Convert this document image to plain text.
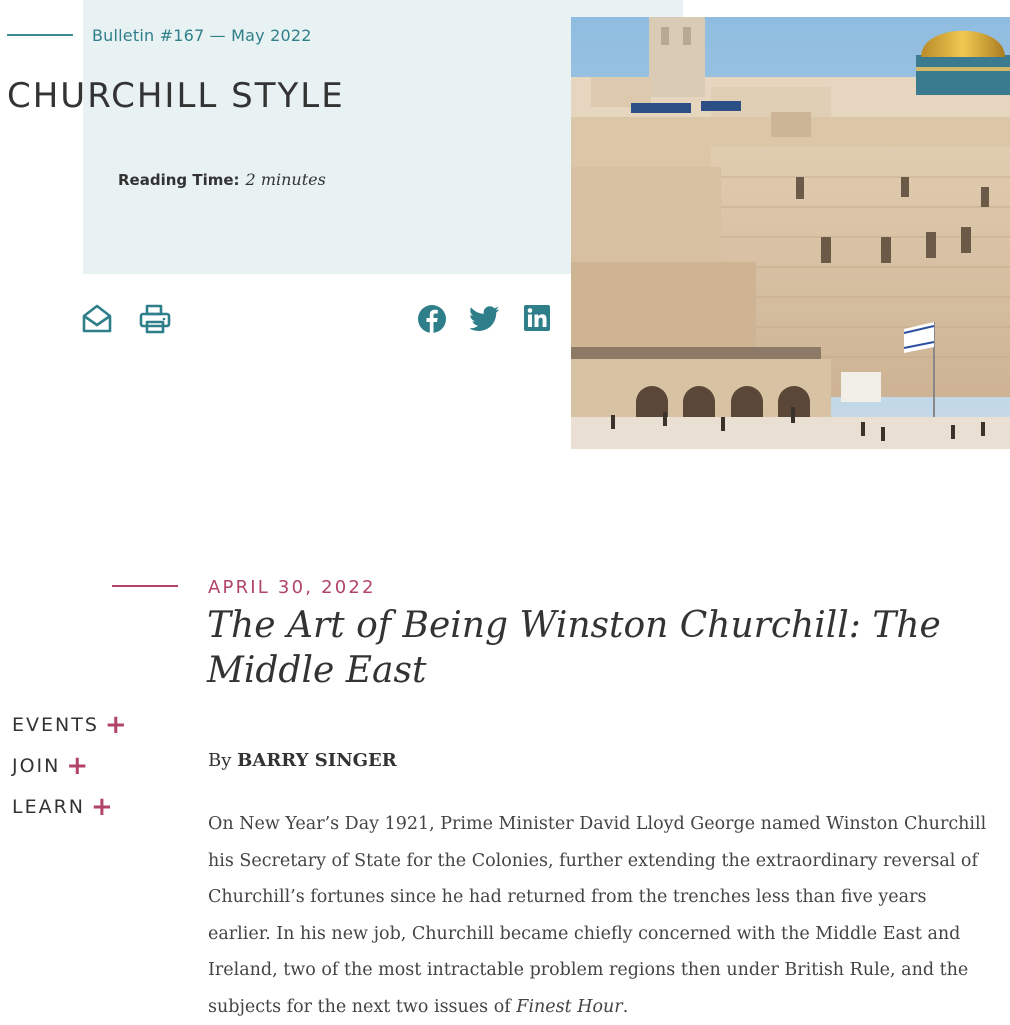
Bulletin #167 — May 2022
CHURCHILL STYLE
Reading Time: 2 minutes
APRIL 30, 2022
The Art of Being Winston Churchill: The Middle East
By BARRY SINGER
On New Year’s Day 1921, Prime Minister David Lloyd George named Winston Churchill his Secretary of State for the Colonies, further extending the extraordinary reversal of Churchill’s fortunes since he had returned from the trenches less than five years earlier. In his new job, Churchill became chiefly concerned with the Middle East and Ireland, two of the most intractable problem regions then under British Rule, and the subjects for the next two issues of Finest Hour.
EVENTS +
JOIN +
LEARN +
